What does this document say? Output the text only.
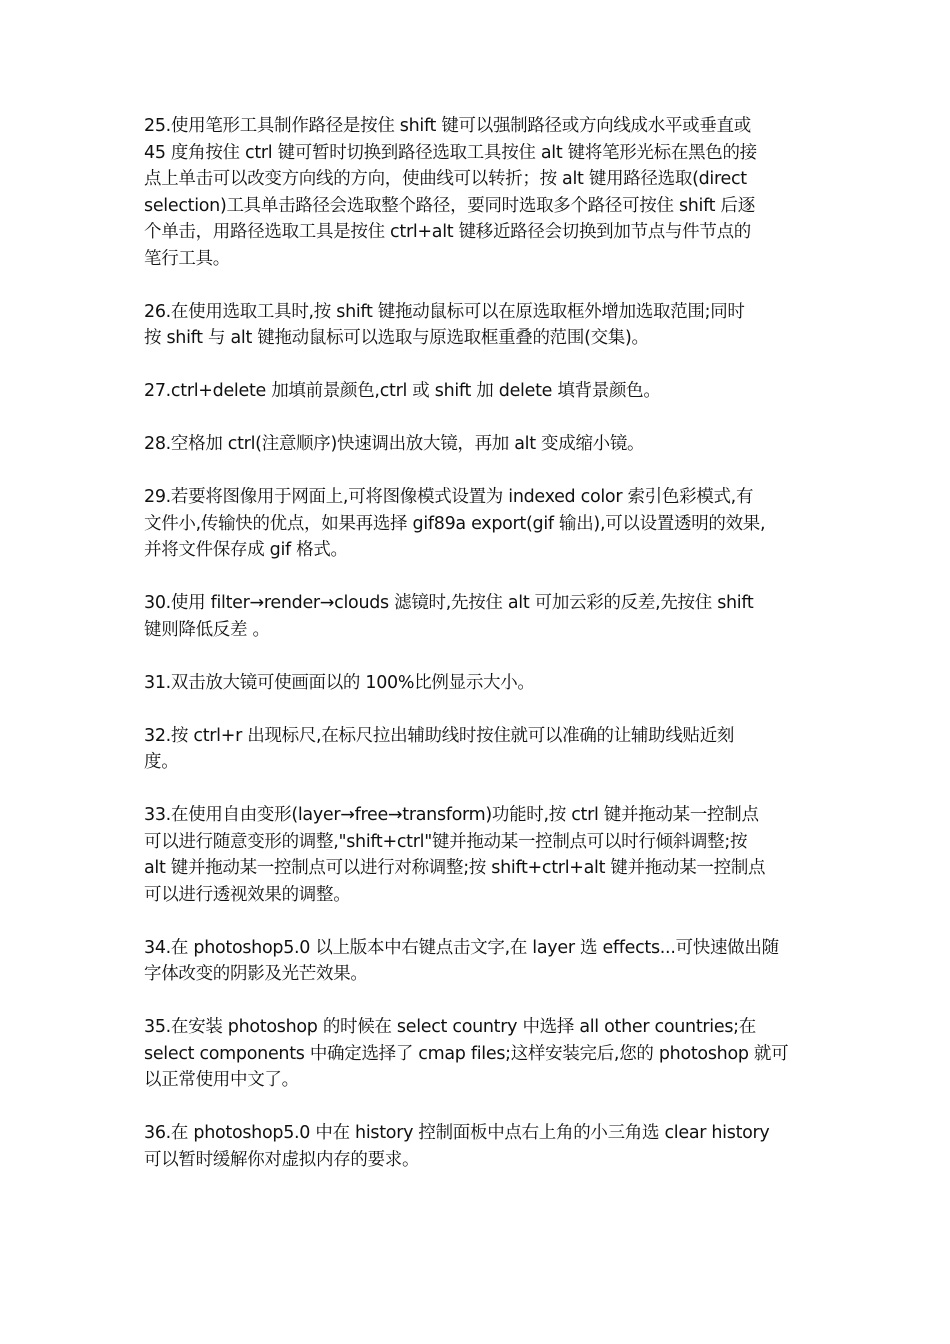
25.使用笔形工具制作路径是按住 shift 键可以强制路径或方向线成水平或垂直或
45 度角按住 ctrl 键可暂时切换到路径选取工具按住 alt 键将笔形光标在黑色的接
点上单击可以改变方向线的方向，使曲线可以转折；按 alt 键用路径选取(direct
selection)工具单击路径会选取整个路径，要同时选取多个路径可按住 shift 后逐
个单击，用路径选取工具是按住 ctrl+alt 键移近路径会切换到加节点与件节点的
笔行工具。

26.在使用选取工具时,按 shift 键拖动鼠标可以在原选取框外增加选取范围;同时
按 shift 与 alt 键拖动鼠标可以选取与原选取框重叠的范围(交集)。

27.ctrl+delete 加填前景颜色,ctrl 或 shift 加 delete 填背景颜色。

28.空格加 ctrl(注意顺序)快速调出放大镜，再加 alt 变成缩小镜。

29.若要将图像用于网面上,可将图像模式设置为 indexed color 索引色彩模式,有
文件小,传输快的优点，如果再选择 gif89a export(gif 输出),可以设置透明的效果,
并将文件保存成 gif 格式。

30.使用 filter→render→clouds 滤镜时,先按住 alt 可加云彩的反差,先按住 shift
键则降低反差 。

31.双击放大镜可使画面以的 100%比例显示大小。

32.按 ctrl+r 出现标尺,在标尺拉出辅助线时按住就可以准确的让辅助线贴近刻
度。

33.在使用自由变形(layer→free→transform)功能时,按 ctrl 键并拖动某一控制点
可以进行随意变形的调整,"shift+ctrl"键并拖动某一控制点可以时行倾斜调整;按
alt 键并拖动某一控制点可以进行对称调整;按 shift+ctrl+alt 键并拖动某一控制点
可以进行透视效果的调整。

34.在 photoshop5.0 以上版本中右键点击文字,在 layer 选 effects...可快速做出随
字体改变的阴影及光芒效果。

35.在安装 photoshop 的时候在 select country 中选择 all other countries;在
select components 中确定选择了 cmap files;这样安装完后,您的 photoshop 就可
以正常使用中文了。

36.在 photoshop5.0 中在 history 控制面板中点右上角的小三角选 clear history
可以暂时缓解你对虚拟内存的要求。
